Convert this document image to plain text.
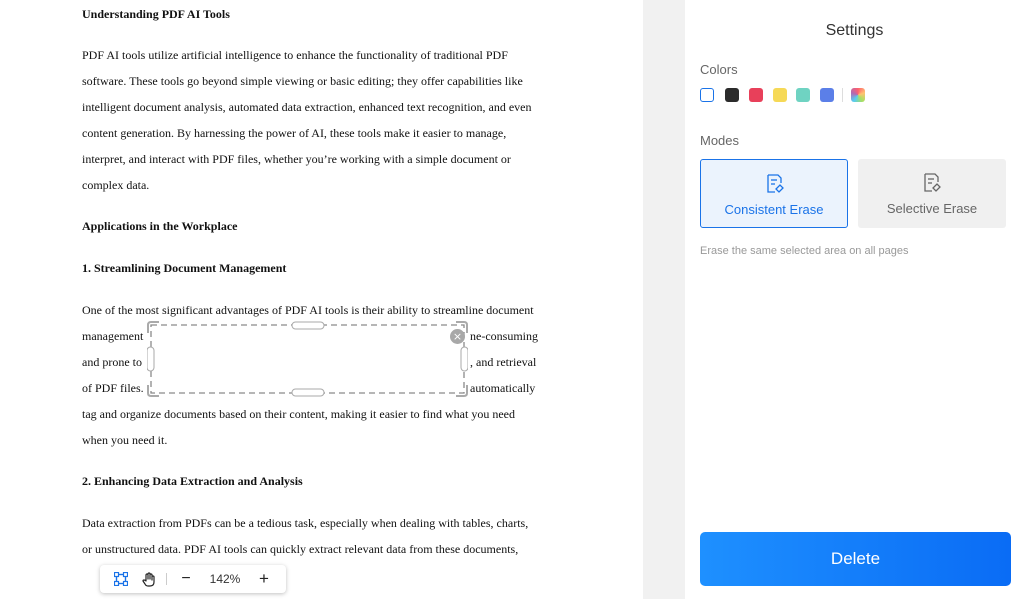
Understanding PDF AI Tools
PDF AI tools utilize artificial intelligence to enhance the functionality of traditional PDF
software. These tools go beyond simple viewing or basic editing; they offer capabilities like
intelligent document analysis, automated data extraction, enhanced text recognition, and even
content generation. By harnessing the power of AI, these tools make it easier to manage,
interpret, and interact with PDF files, whether you’re working with a simple document or
complex data.
Applications in the Workplace
1. Streamlining Document Management
One of the most significant advantages of PDF AI tools is their ability to streamline document
management	ne-consuming
and prone to	, and retrieval
of PDF files.	automatically
tag and organize documents based on their content, making it easier to find what you need
when you need it.
2. Enhancing Data Extraction and Analysis
Data extraction from PDFs can be a tedious task, especially when dealing with tables, charts,
or unstructured data. PDF AI tools can quickly extract relevant data from these documents,
×
−	142%	+
Settings
Colors
Modes
Consistent Erase	Selective Erase
Erase the same selected area on all pages
Delete
